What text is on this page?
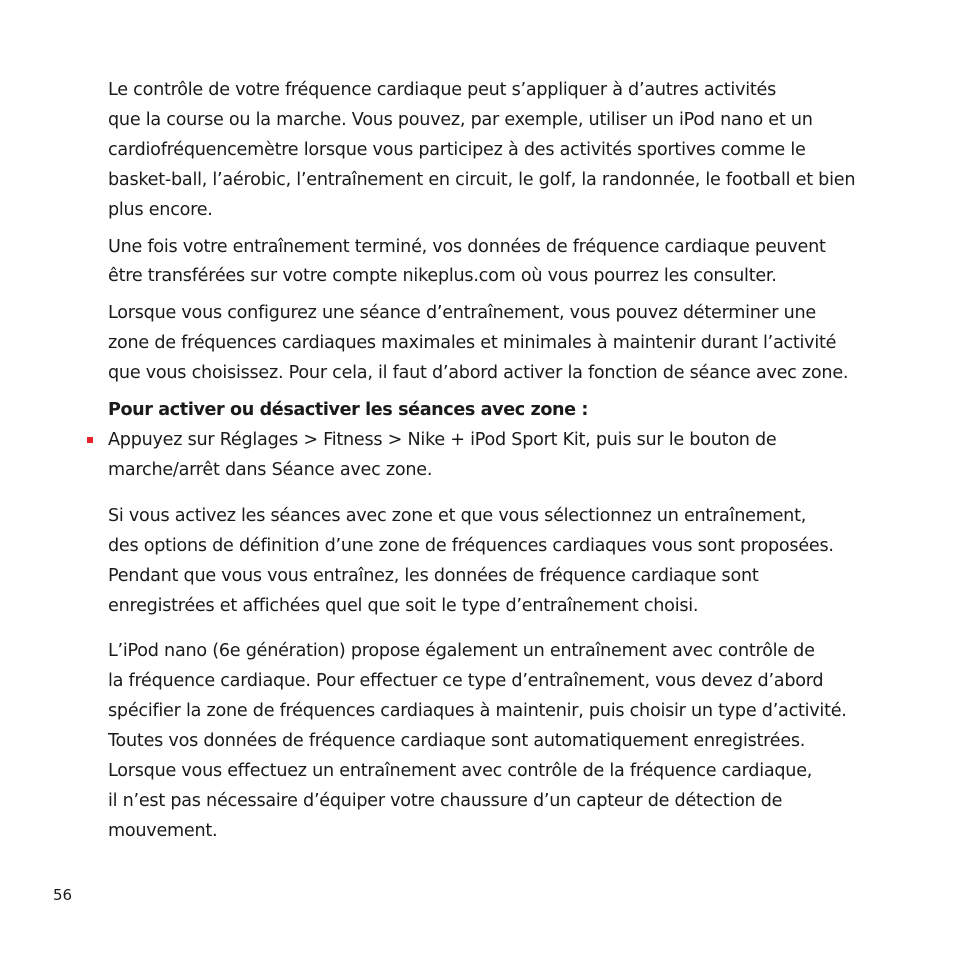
Le contrôle de votre fréquence cardiaque peut s’appliquer à d’autres activités
que la course ou la marche. Vous pouvez, par exemple, utiliser un iPod nano et un
cardiofréquencemètre lorsque vous participez à des activités sportives comme le
basket-ball, l’aérobic, l’entraînement en circuit, le golf, la randonnée, le football et bien
plus encore.

Une fois votre entraînement terminé, vos données de fréquence cardiaque peuvent
être transférées sur votre compte nikeplus.com où vous pourrez les consulter.

Lorsque vous configurez une séance d’entraînement, vous pouvez déterminer une
zone de fréquences cardiaques maximales et minimales à maintenir durant l’activité
que vous choisissez. Pour cela, il faut d’abord activer la fonction de séance avec zone.

Pour activer ou désactiver les séances avec zone :

Appuyez sur Réglages > Fitness > Nike + iPod Sport Kit, puis sur le bouton de
marche/arrêt dans Séance avec zone.

Si vous activez les séances avec zone et que vous sélectionnez un entraînement,
des options de définition d’une zone de fréquences cardiaques vous sont proposées.
Pendant que vous vous entraînez, les données de fréquence cardiaque sont
enregistrées et affichées quel que soit le type d’entraînement choisi.

L’iPod nano (6e génération) propose également un entraînement avec contrôle de
la fréquence cardiaque. Pour effectuer ce type d’entraînement, vous devez d’abord
spécifier la zone de fréquences cardiaques à maintenir, puis choisir un type d’activité.
Toutes vos données de fréquence cardiaque sont automatiquement enregistrées.
Lorsque vous effectuez un entraînement avec contrôle de la fréquence cardiaque,
il n’est pas nécessaire d’équiper votre chaussure d’un capteur de détection de
mouvement.

56
